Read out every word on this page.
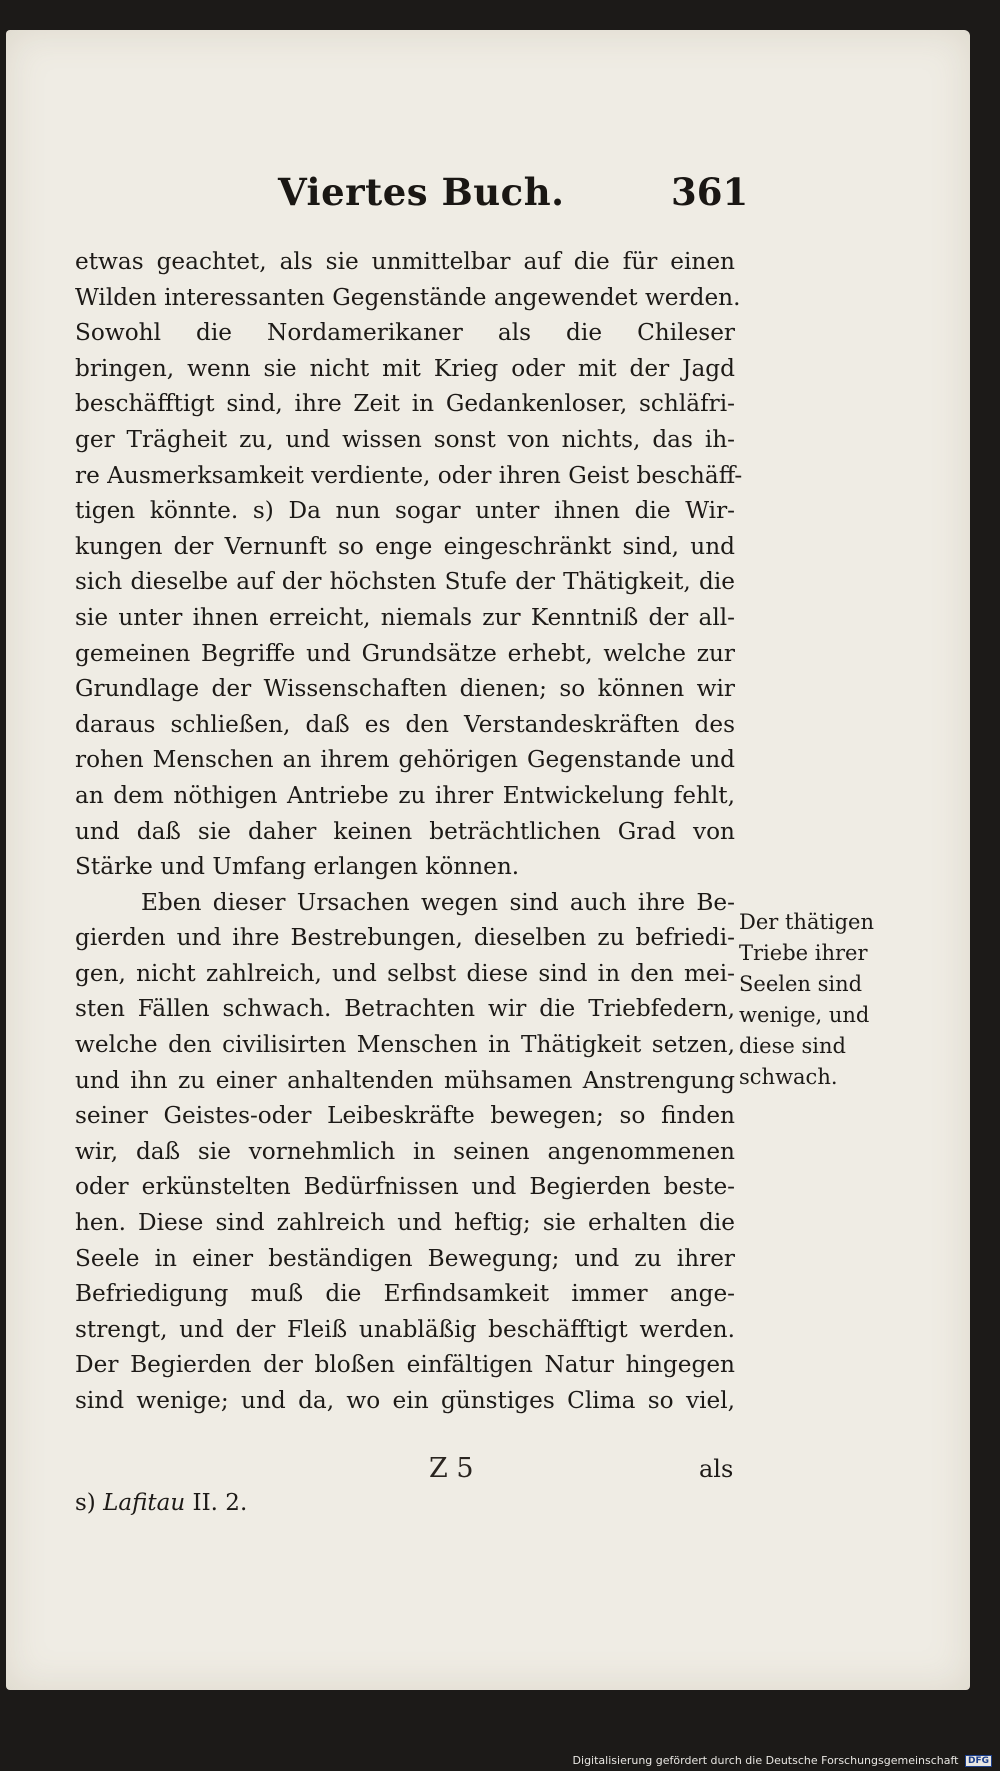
Viertes Buch.	361
etwas geachtet, als sie unmittelbar auf die für einen
Wilden interessanten Gegenstände angewendet werden.
Sowohl die Nordamerikaner als die Chileser
bringen, wenn sie nicht mit Krieg oder mit der Jagd
beschäfftigt sind, ihre Zeit in Gedankenloser, schläfri-
ger Trägheit zu, und wissen sonst von nichts, das ih-
re Ausmerksamkeit verdiente, oder ihren Geist beschäff-
tigen könnte. s) Da nun sogar unter ihnen die Wir-
kungen der Vernunft so enge eingeschränkt sind, und
sich dieselbe auf der höchsten Stufe der Thätigkeit, die
sie unter ihnen erreicht, niemals zur Kenntniß der all-
gemeinen Begriffe und Grundsätze erhebt, welche zur
Grundlage der Wissenschaften dienen; so können wir
daraus schließen, daß es den Verstandeskräften des
rohen Menschen an ihrem gehörigen Gegenstande und
an dem nöthigen Antriebe zu ihrer Entwickelung fehlt,
und daß sie daher keinen beträchtlichen Grad von
Stärke und Umfang erlangen können.
Eben dieser Ursachen wegen sind auch ihre Be-
gierden und ihre Bestrebungen, dieselben zu befriedi-
gen, nicht zahlreich, und selbst diese sind in den mei-
sten Fällen schwach. Betrachten wir die Triebfedern,
welche den civilisirten Menschen in Thätigkeit setzen,
und ihn zu einer anhaltenden mühsamen Anstrengung
seiner Geistes-oder Leibeskräfte bewegen; so finden
wir, daß sie vornehmlich in seinen angenommenen
oder erkünstelten Bedürfnissen und Begierden beste-
hen. Diese sind zahlreich und heftig; sie erhalten die
Seele in einer beständigen Bewegung; und zu ihrer
Befriedigung muß die Erfindsamkeit immer ange-
strengt, und der Fleiß unabläßig beschäfftigt werden.
Der Begierden der bloßen einfältigen Natur hingegen
sind wenige; und da, wo ein günstiges Clima so viel,
Der thätigen
Triebe ihrer
Seelen sind
wenige, und
diese sind
schwach.
Z 5	als
s) Lafitau II. 2.
Digitalisierung gefördert durch die Deutsche Forschungsgemeinschaft DFG
